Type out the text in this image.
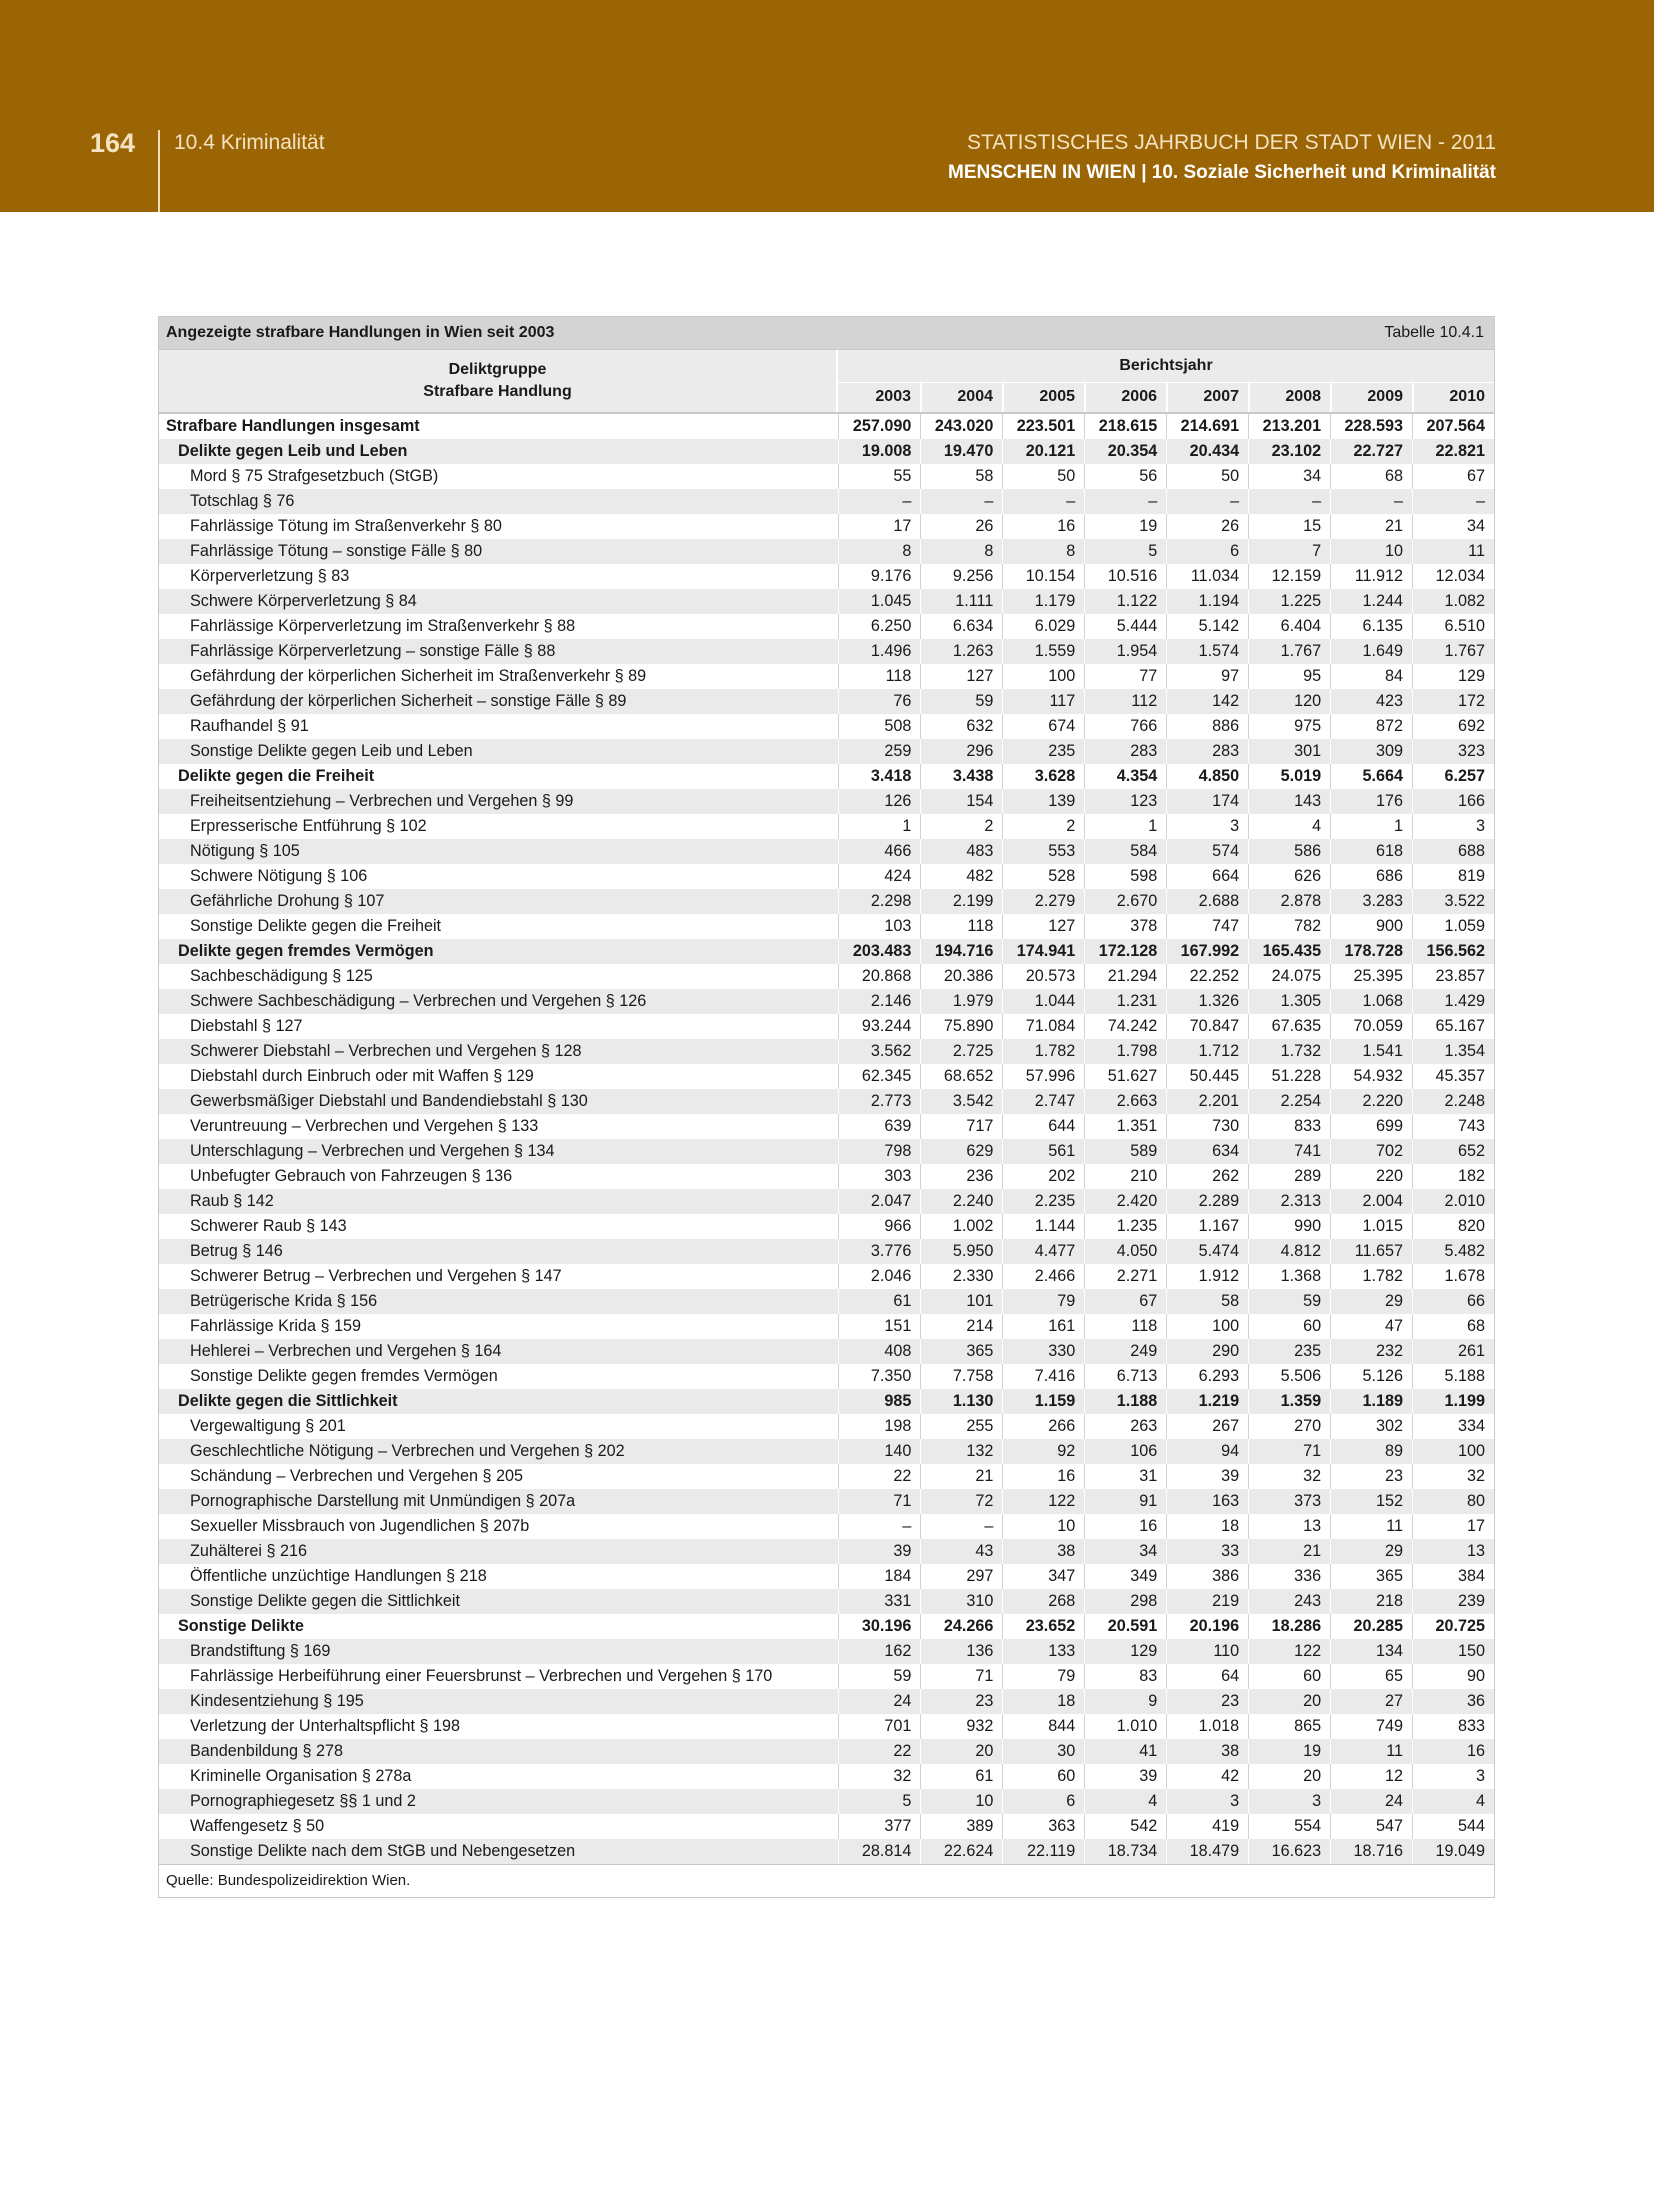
164 10.4 Kriminalität	STATISTISCHES JAHRBUCH DER STADT WIEN - 2011
MENSCHEN IN WIEN | 10. Soziale Sicherheit und Kriminalität
Angezeigte strafbare Handlungen in Wien seit 2003	Tabelle 10.4.1
Deliktgruppe
Strafbare Handlung
Berichtsjahr
2003	2004	2005	2006	2007	2008	2009	2010
Strafbare Handlungen insgesamt	257.090	243.020	223.501	218.615	214.691	213.201	228.593	207.564
Delikte gegen Leib und Leben	19.008	19.470	20.121	20.354	20.434	23.102	22.727	22.821
Mord § 75 Strafgesetzbuch (StGB)	55	58	50	56	50	34	68	67
Totschlag § 76	–	–	–	–	–	–	–	–
Fahrlässige Tötung im Straßenverkehr § 80	17	26	16	19	26	15	21	34
Fahrlässige Tötung – sonstige Fälle § 80	8	8	8	5	6	7	10	11
Körperverletzung § 83	9.176	9.256	10.154	10.516	11.034	12.159	11.912	12.034
Schwere Körperverletzung § 84	1.045	1.111	1.179	1.122	1.194	1.225	1.244	1.082
Fahrlässige Körperverletzung im Straßenverkehr § 88	6.250	6.634	6.029	5.444	5.142	6.404	6.135	6.510
Fahrlässige Körperverletzung – sonstige Fälle § 88	1.496	1.263	1.559	1.954	1.574	1.767	1.649	1.767
Gefährdung der körperlichen Sicherheit im Straßenverkehr § 89	118	127	100	77	97	95	84	129
Gefährdung der körperlichen Sicherheit – sonstige Fälle § 89	76	59	117	112	142	120	423	172
Raufhandel § 91	508	632	674	766	886	975	872	692
Sonstige Delikte gegen Leib und Leben	259	296	235	283	283	301	309	323
Delikte gegen die Freiheit	3.418	3.438	3.628	4.354	4.850	5.019	5.664	6.257
Freiheitsentziehung – Verbrechen und Vergehen § 99	126	154	139	123	174	143	176	166
Erpresserische Entführung § 102	1	2	2	1	3	4	1	3
Nötigung § 105	466	483	553	584	574	586	618	688
Schwere Nötigung § 106	424	482	528	598	664	626	686	819
Gefährliche Drohung § 107	2.298	2.199	2.279	2.670	2.688	2.878	3.283	3.522
Sonstige Delikte gegen die Freiheit	103	118	127	378	747	782	900	1.059
Delikte gegen fremdes Vermögen	203.483	194.716	174.941	172.128	167.992	165.435	178.728	156.562
Sachbeschädigung § 125	20.868	20.386	20.573	21.294	22.252	24.075	25.395	23.857
Schwere Sachbeschädigung – Verbrechen und Vergehen § 126	2.146	1.979	1.044	1.231	1.326	1.305	1.068	1.429
Diebstahl § 127	93.244	75.890	71.084	74.242	70.847	67.635	70.059	65.167
Schwerer Diebstahl – Verbrechen und Vergehen § 128	3.562	2.725	1.782	1.798	1.712	1.732	1.541	1.354
Diebstahl durch Einbruch oder mit Waffen § 129	62.345	68.652	57.996	51.627	50.445	51.228	54.932	45.357
Gewerbsmäßiger Diebstahl und Bandendiebstahl § 130	2.773	3.542	2.747	2.663	2.201	2.254	2.220	2.248
Veruntreuung – Verbrechen und Vergehen § 133	639	717	644	1.351	730	833	699	743
Unterschlagung – Verbrechen und Vergehen § 134	798	629	561	589	634	741	702	652
Unbefugter Gebrauch von Fahrzeugen § 136	303	236	202	210	262	289	220	182
Raub § 142	2.047	2.240	2.235	2.420	2.289	2.313	2.004	2.010
Schwerer Raub § 143	966	1.002	1.144	1.235	1.167	990	1.015	820
Betrug § 146	3.776	5.950	4.477	4.050	5.474	4.812	11.657	5.482
Schwerer Betrug – Verbrechen und Vergehen § 147	2.046	2.330	2.466	2.271	1.912	1.368	1.782	1.678
Betrügerische Krida § 156	61	101	79	67	58	59	29	66
Fahrlässige Krida § 159	151	214	161	118	100	60	47	68
Hehlerei – Verbrechen und Vergehen § 164	408	365	330	249	290	235	232	261
Sonstige Delikte gegen fremdes Vermögen	7.350	7.758	7.416	6.713	6.293	5.506	5.126	5.188
Delikte gegen die Sittlichkeit	985	1.130	1.159	1.188	1.219	1.359	1.189	1.199
Vergewaltigung § 201	198	255	266	263	267	270	302	334
Geschlechtliche Nötigung – Verbrechen und Vergehen § 202	140	132	92	106	94	71	89	100
Schändung – Verbrechen und Vergehen § 205	22	21	16	31	39	32	23	32
Pornographische Darstellung mit Unmündigen § 207a	71	72	122	91	163	373	152	80
Sexueller Missbrauch von Jugendlichen § 207b	–	–	10	16	18	13	11	17
Zuhälterei § 216	39	43	38	34	33	21	29	13
Öffentliche unzüchtige Handlungen § 218	184	297	347	349	386	336	365	384
Sonstige Delikte gegen die Sittlichkeit	331	310	268	298	219	243	218	239
Sonstige Delikte	30.196	24.266	23.652	20.591	20.196	18.286	20.285	20.725
Brandstiftung § 169	162	136	133	129	110	122	134	150
Fahrlässige Herbeiführung einer Feuersbrunst – Verbrechen und Vergehen § 170	59	71	79	83	64	60	65	90
Kindesentziehung § 195	24	23	18	9	23	20	27	36
Verletzung der Unterhaltspflicht § 198	701	932	844	1.010	1.018	865	749	833
Bandenbildung § 278	22	20	30	41	38	19	11	16
Kriminelle Organisation § 278a	32	61	60	39	42	20	12	3
Pornographiegesetz §§ 1 und 2	5	10	6	4	3	3	24	4
Waffengesetz § 50	377	389	363	542	419	554	547	544
Sonstige Delikte nach dem StGB und Nebengesetzen	28.814	22.624	22.119	18.734	18.479	16.623	18.716	19.049
Quelle: Bundespolizeidirektion Wien.
